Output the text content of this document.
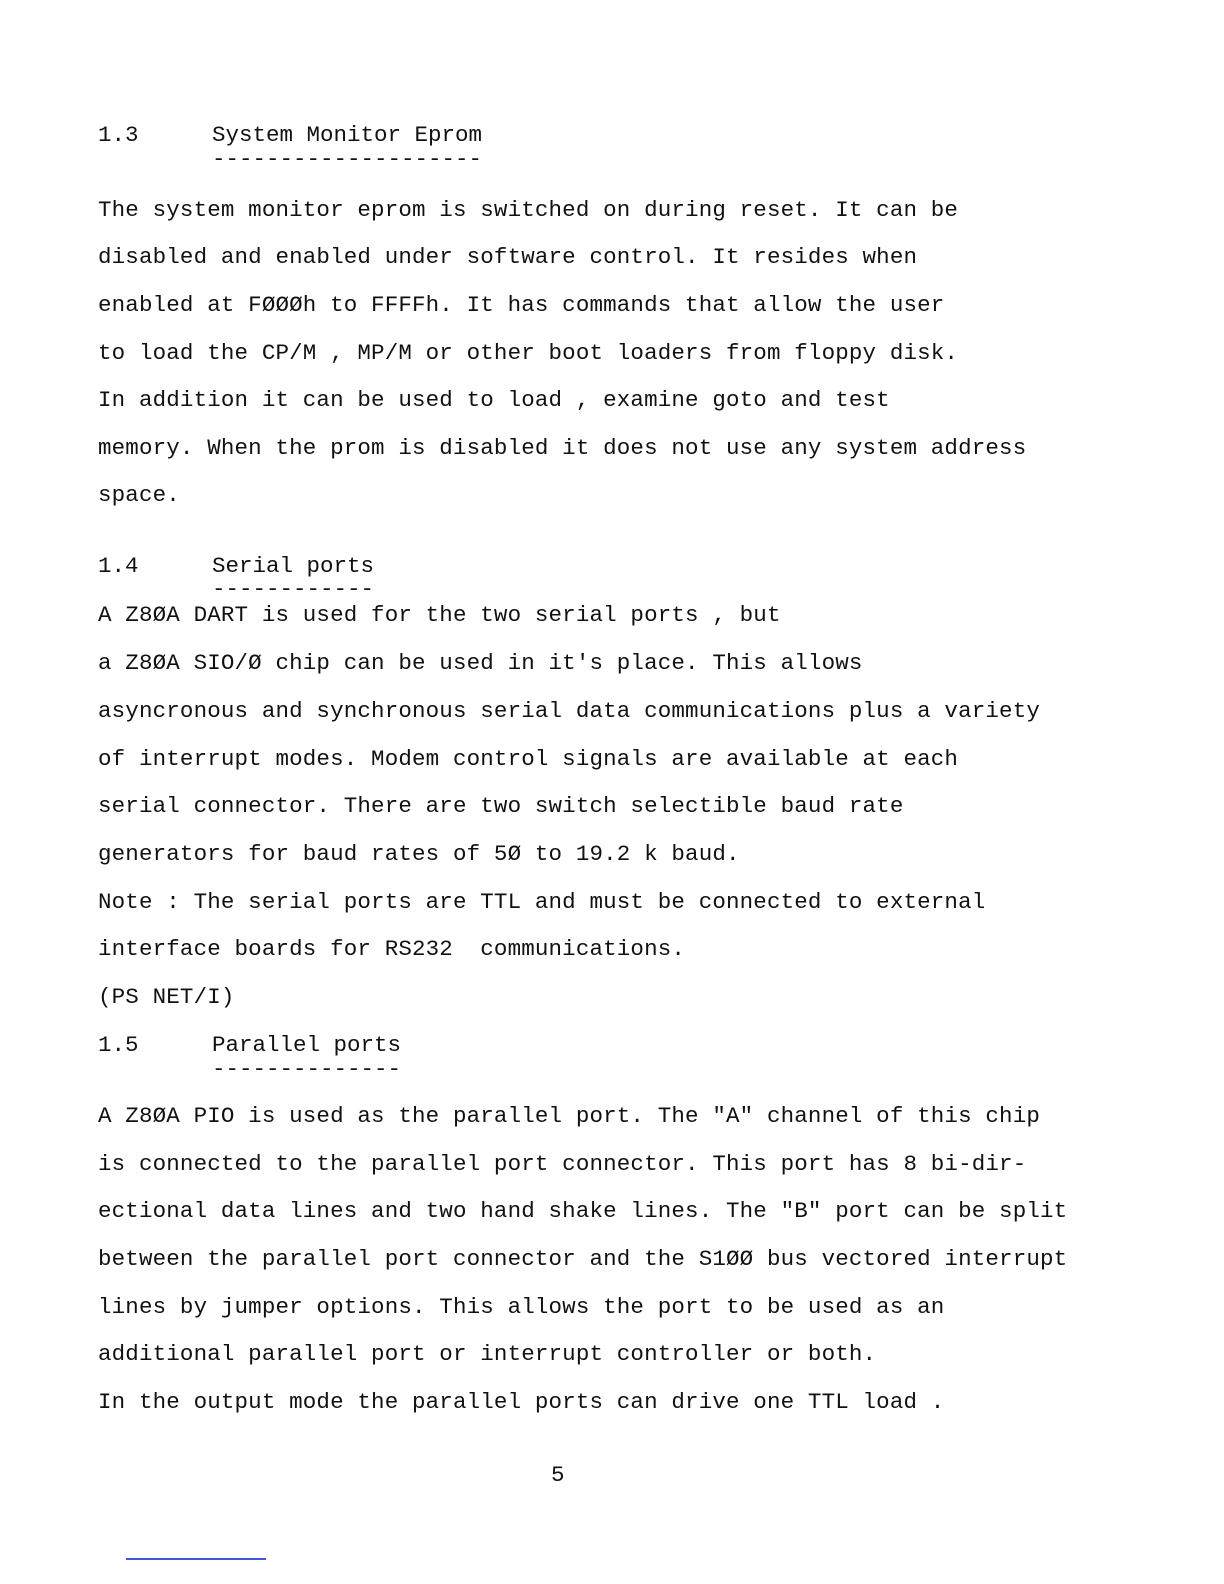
1.3	System Monitor Eprom
--------------------
The system monitor eprom is switched on during reset. It can be
disabled and enabled under software control. It resides when
enabled at FØØØh to FFFFh. It has commands that allow the user
to load the CP/M , MP/M or other boot loaders from floppy disk.
In addition it can be used to load , examine goto and test
memory. When the prom is disabled it does not use any system address
space.
1.4	Serial ports
------------
A Z8ØA DART is used for the two serial ports , but
a Z8ØA SIO/Ø chip can be used in it's place. This allows
asyncronous and synchronous serial data communications plus a variety
of interrupt modes. Modem control signals are available at each
serial connector. There are two switch selectible baud rate
generators for baud rates of 5Ø to 19.2 k baud.
Note : The serial ports are TTL and must be connected to external
interface boards for RS232  communications.
(PS NET/I)
1.5	Parallel ports
--------------
A Z8ØA PIO is used as the parallel port. The "A" channel of this chip
is connected to the parallel port connector. This port has 8 bi-dir-
ectional data lines and two hand shake lines. The "B" port can be split
between the parallel port connector and the S1ØØ bus vectored interrupt
lines by jumper options. This allows the port to be used as an
additional parallel port or interrupt controller or both.
In the output mode the parallel ports can drive one TTL load .
5
